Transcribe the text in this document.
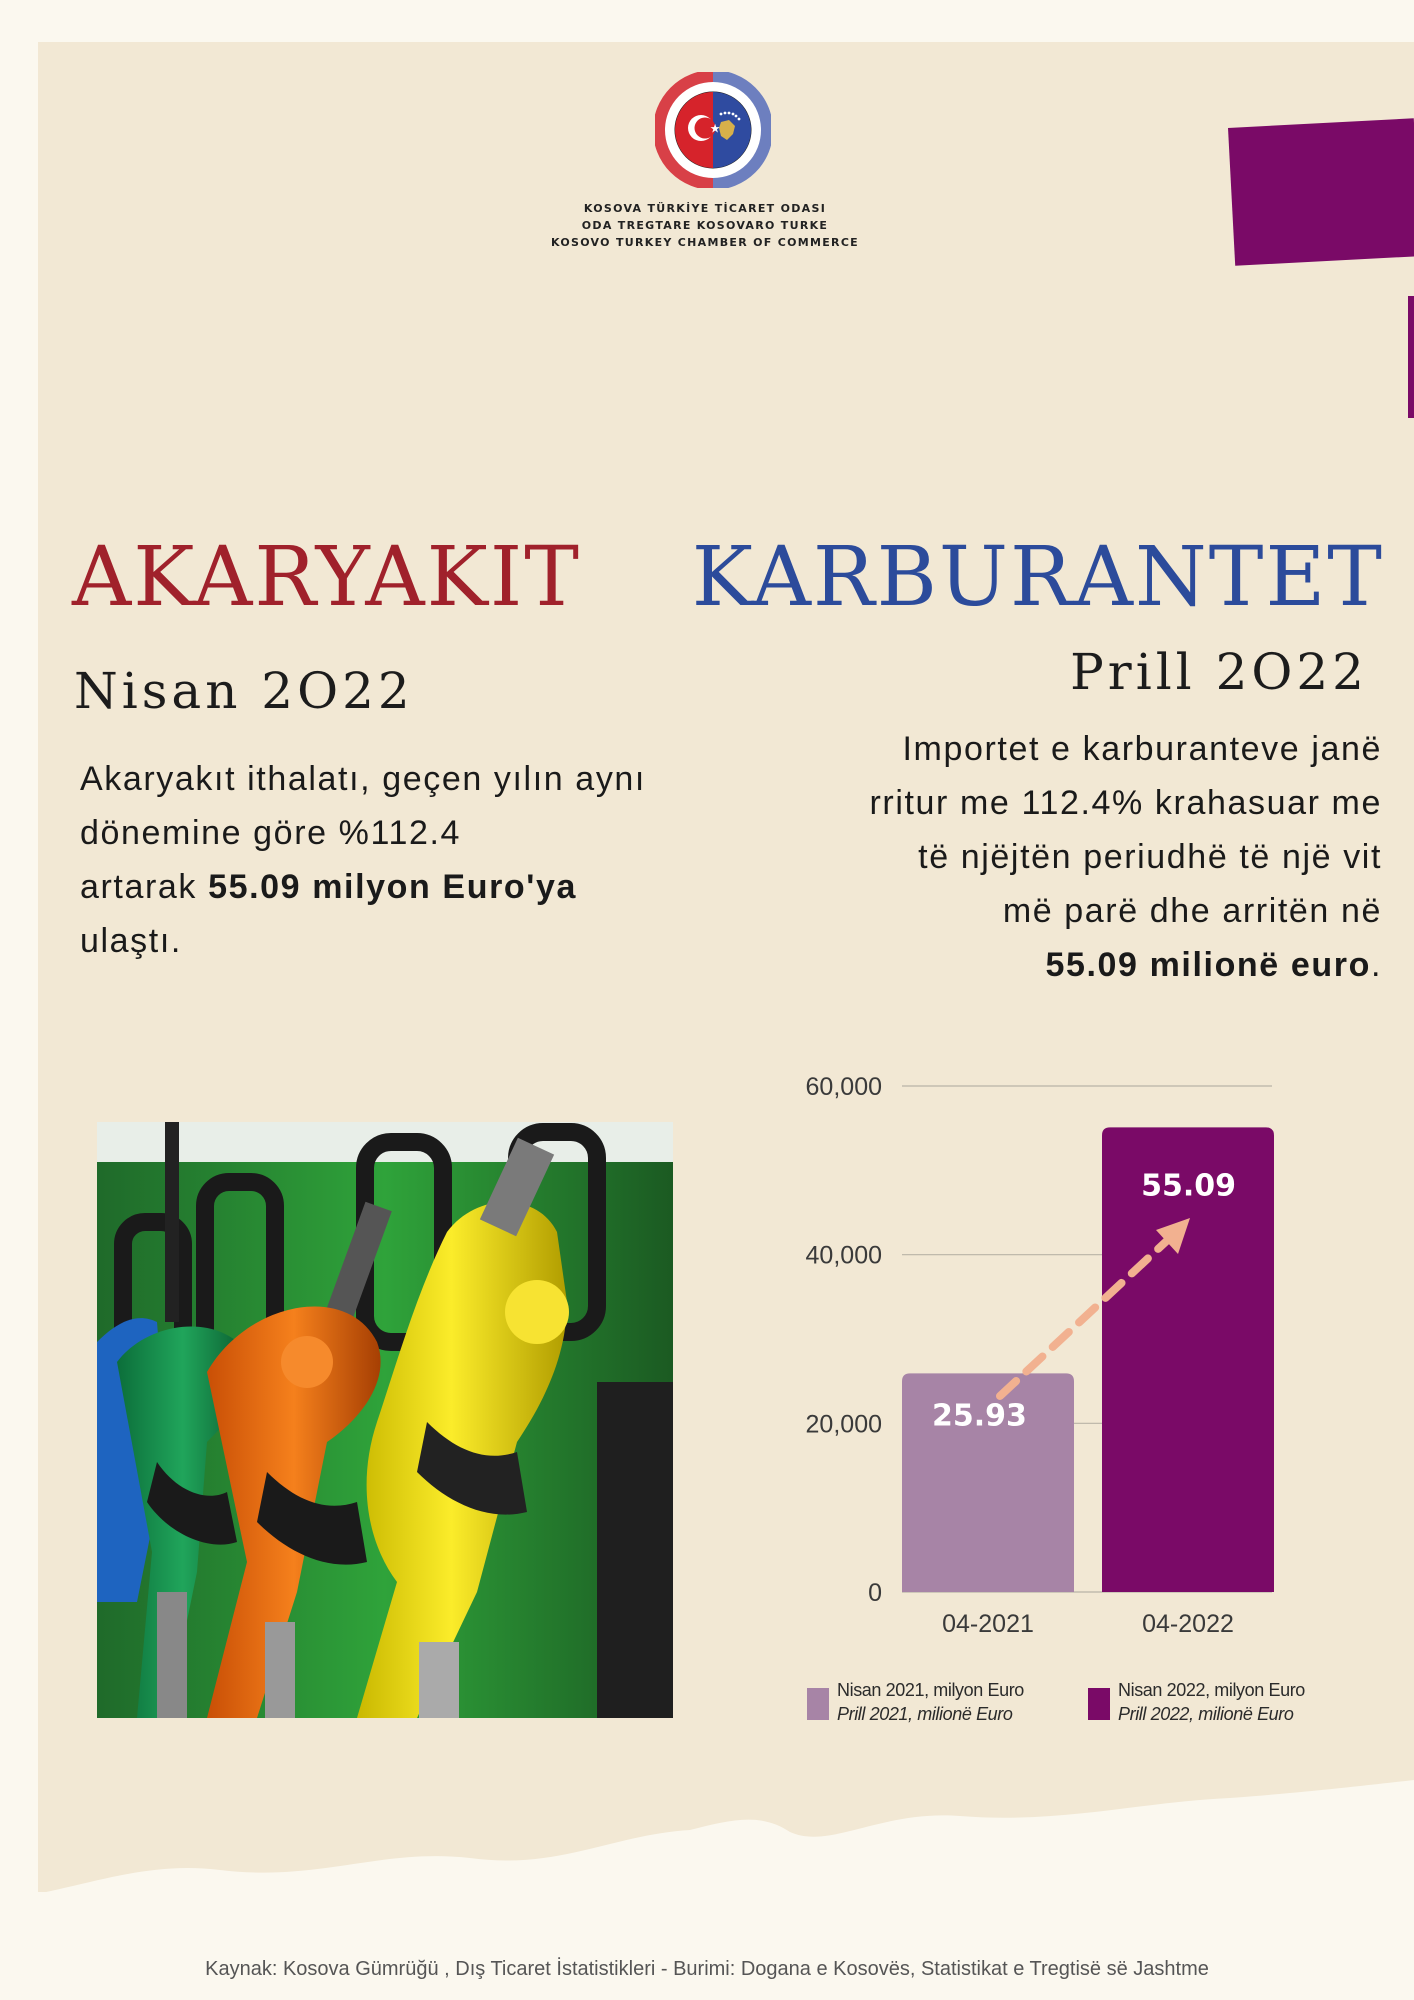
KOSOVA TÜRKİYE TİCARET ODASI
ODA TREGTARE KOSOVARO TURKE
KOSOVO TURKEY CHAMBER OF COMMERCE
AKARYAKIT KARBURANTET
Nisan 2O22	Prill 2O22
Akaryakıt ithalatı, geçen yılın aynı
dönemine göre %112.4
artarak 55.09 milyon Euro'ya
ulaştı.
Importet e karburanteve janë
rritur me 112.4% krahasuar me
të njëjtën periudhë të një vit
më parë dhe arritën në
55.09 milionë euro.
0
20,000
40,000
60,000
25.93
04-2021
55.09
04-2022
Nisan 2021, milyon Euro
Prill 2021, milionë Euro
Nisan 2022, milyon Euro
Prill 2022, milionë Euro
Kaynak: Kosova Gümrüğü , Dış Ticaret İstatistikleri - Burimi: Dogana e Kosovës, Statistikat e Tregtisë së Jashtme
